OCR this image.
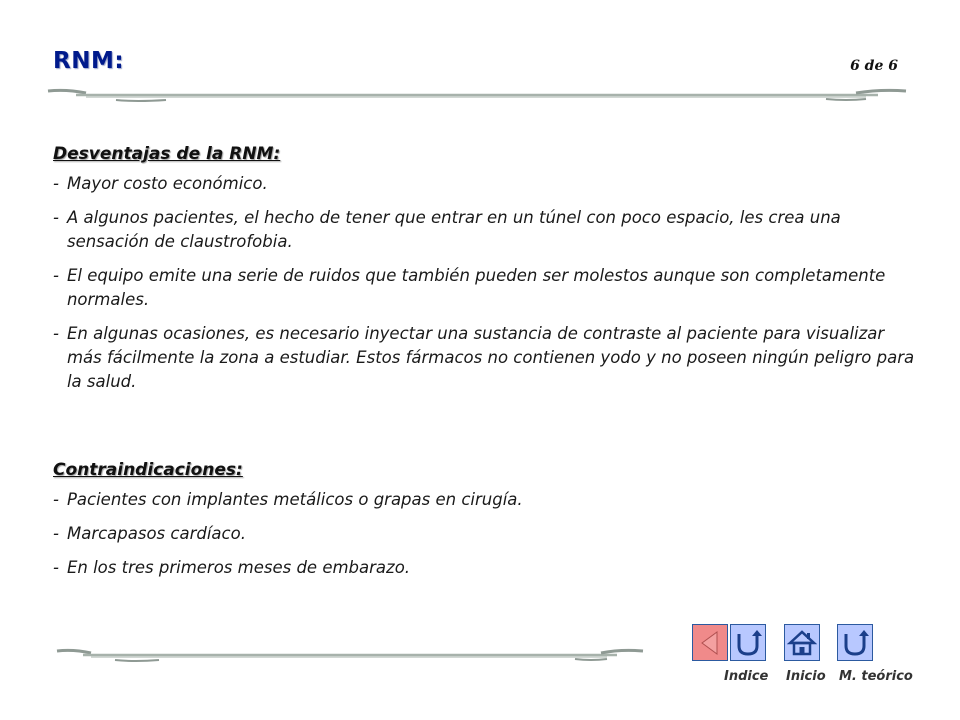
RNM:	6 de 6
Desventajas de la RNM:
- Mayor costo económico.
- A algunos pacientes, el hecho de tener que entrar en un túnel con poco espacio, les crea una sensación de claustrofobia.
- El equipo emite una serie de ruidos que también pueden ser molestos aunque son completamente normales.
- En algunas ocasiones, es necesario inyectar una sustancia de contraste al paciente para visualizar más fácilmente la zona a estudiar. Estos fármacos no contienen yodo y no poseen ningún peligro para la salud.
Contraindicaciones:
- Pacientes con implantes metálicos o grapas en cirugía.
- Marcapasos cardíaco.
- En los tres primeros meses de embarazo.
Indice Inicio M. teórico
